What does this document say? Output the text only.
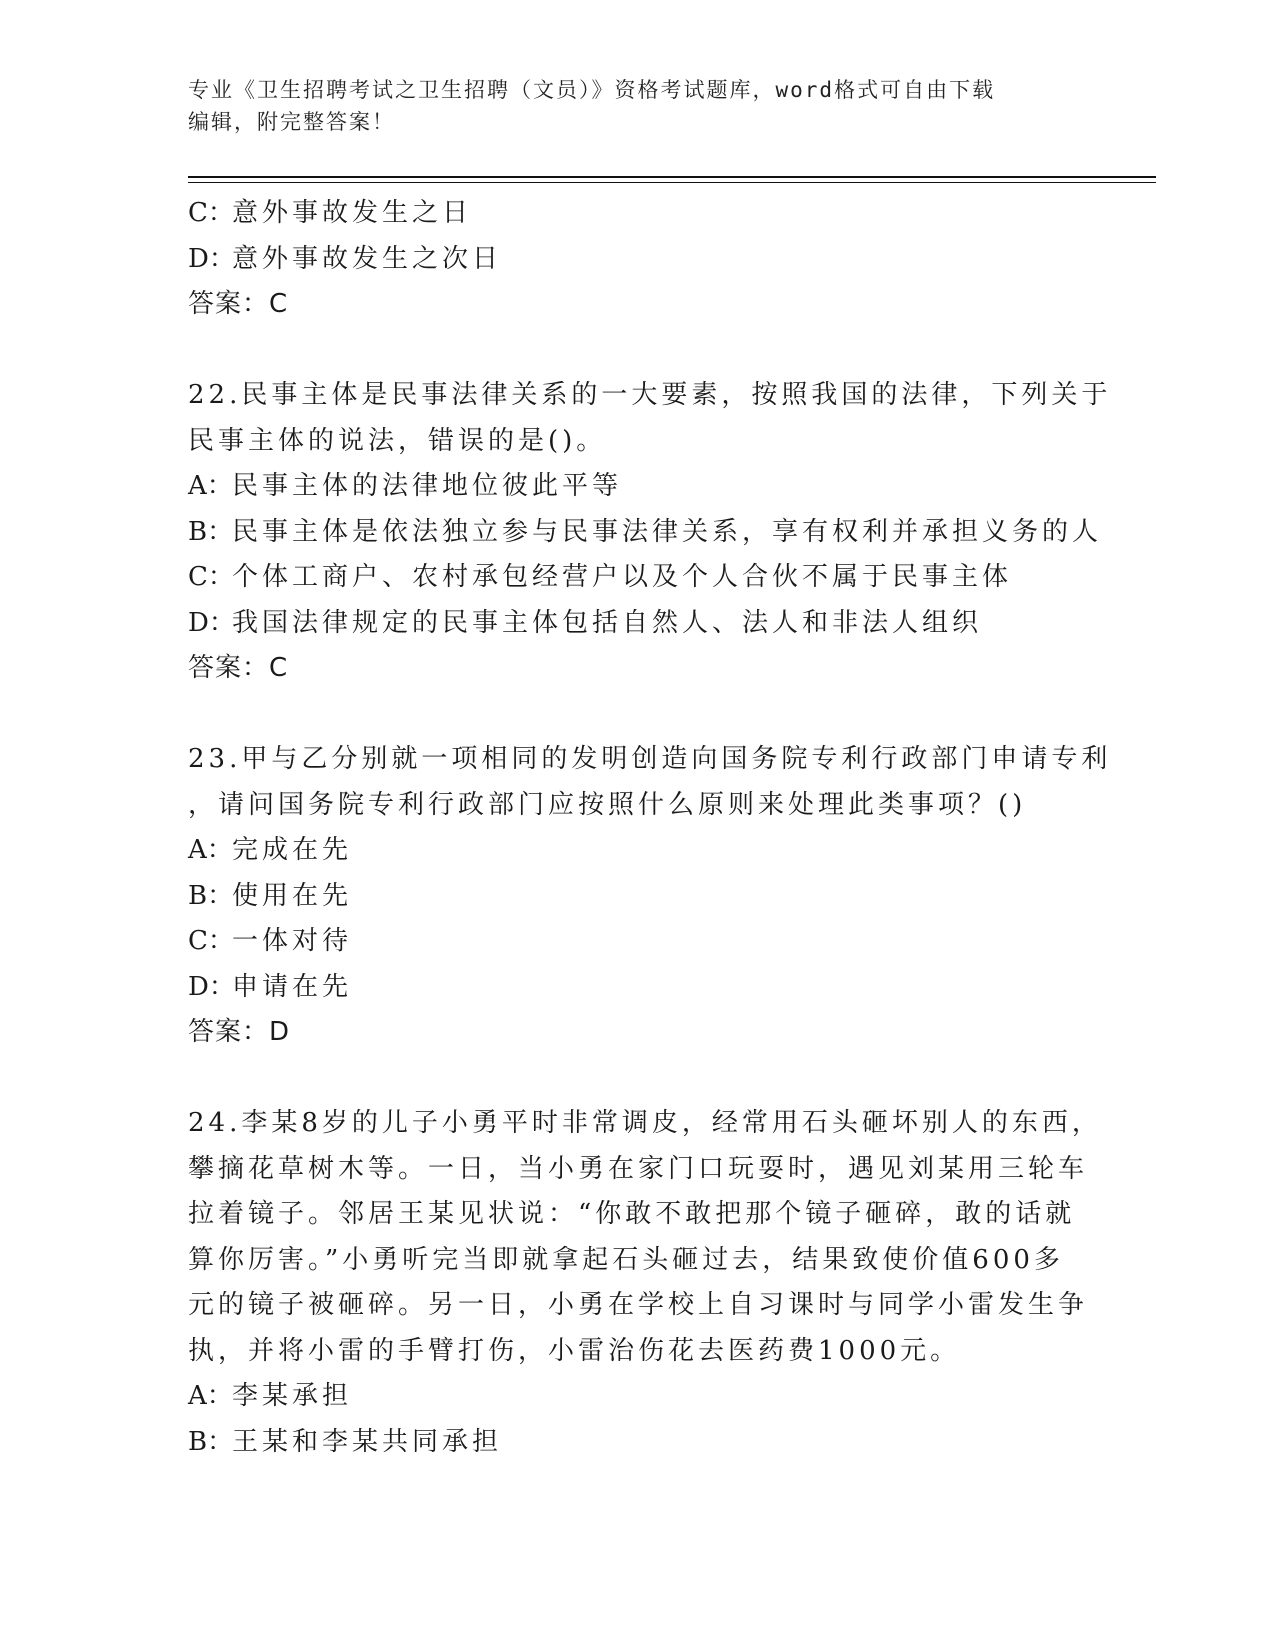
专业《卫生招聘考试之卫生招聘（文员）》资格考试题库，word格式可自由下载
编辑，附完整答案！
C：意外事故发生之日
D：意外事故发生之次日
答案：C
22.民事主体是民事法律关系的一大要素，按照我国的法律，下列关于
民事主体的说法，错误的是()。
A：民事主体的法律地位彼此平等
B：民事主体是依法独立参与民事法律关系，享有权利并承担义务的人
C：个体工商户、农村承包经营户以及个人合伙不属于民事主体
D：我国法律规定的民事主体包括自然人、法人和非法人组织
答案：C
23.甲与乙分别就一项相同的发明创造向国务院专利行政部门申请专利
，请问国务院专利行政部门应按照什么原则来处理此类事项？()
A：完成在先
B：使用在先
C：一体对待
D：申请在先
答案：D
24.李某8岁的儿子小勇平时非常调皮，经常用石头砸坏别人的东西，
攀摘花草树木等。一日，当小勇在家门口玩耍时，遇见刘某用三轮车
拉着镜子。邻居王某见状说：“你敢不敢把那个镜子砸碎，敢的话就
算你厉害。”小勇听完当即就拿起石头砸过去，结果致使价值600多
元的镜子被砸碎。另一日，小勇在学校上自习课时与同学小雷发生争
执，并将小雷的手臂打伤，小雷治伤花去医药费1000元。
A：李某承担
B：王某和李某共同承担
